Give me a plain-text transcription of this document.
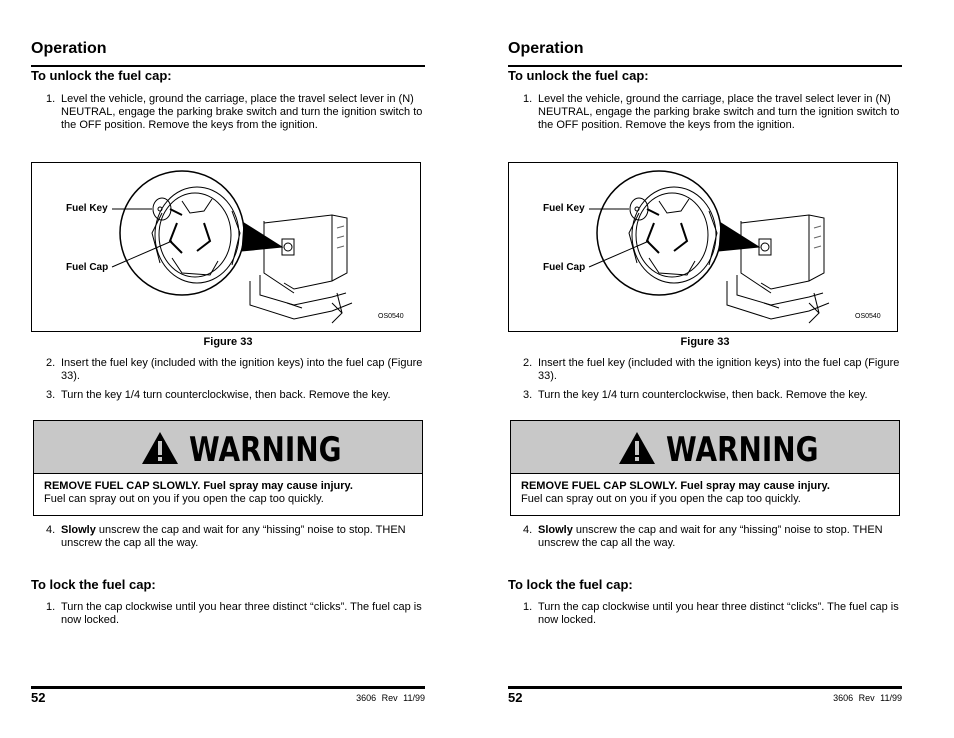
Operation
To unlock the fuel cap:
1. Level the vehicle, ground the carriage, place the travel select lever in (N) NEUTRAL, engage the parking brake switch and turn the ignition switch to the OFF position. Remove the keys from the ignition.
Fuel Key
Fuel Cap
OS0540
Figure 33
2. Insert the fuel key (included with the ignition keys) into the fuel cap (Figure 33).
3. Turn the key 1/4 turn counterclockwise, then back. Remove the key.
WARNING
REMOVE FUEL CAP SLOWLY. Fuel spray may cause injury.
Fuel can spray out on you if you open the cap too quickly.
4. Slowly unscrew the cap and wait for any “hissing” noise to stop. THEN unscrew the cap all the way.
To lock the fuel cap:
1. Turn the cap clockwise until you hear three distinct “clicks”. The fuel cap is now locked.
52	3606 Rev 11/99
Operation
To unlock the fuel cap:
1. Level the vehicle, ground the carriage, place the travel select lever in (N) NEUTRAL, engage the parking brake switch and turn the ignition switch to the OFF position. Remove the keys from the ignition.
Fuel Key
Fuel Cap
OS0540
Figure 33
2. Insert the fuel key (included with the ignition keys) into the fuel cap (Figure 33).
3. Turn the key 1/4 turn counterclockwise, then back. Remove the key.
WARNING
REMOVE FUEL CAP SLOWLY. Fuel spray may cause injury.
Fuel can spray out on you if you open the cap too quickly.
4. Slowly unscrew the cap and wait for any “hissing” noise to stop. THEN unscrew the cap all the way.
To lock the fuel cap:
1. Turn the cap clockwise until you hear three distinct “clicks”. The fuel cap is now locked.
52	3606 Rev 11/99
